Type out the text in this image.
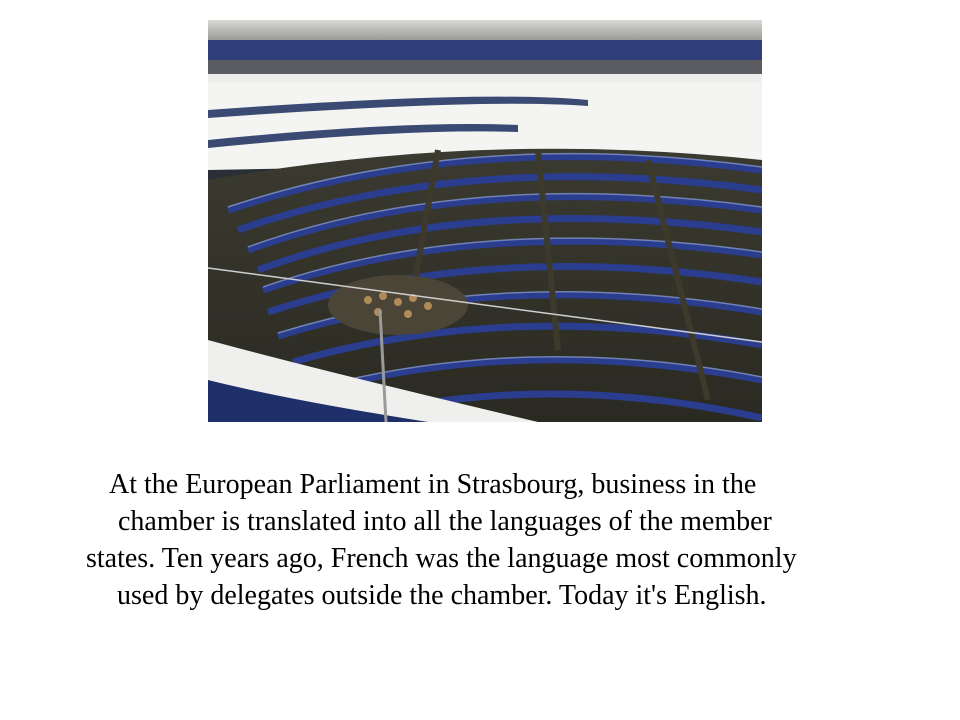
At the European Parliament in Strasbourg, business in the
chamber is translated into all the languages of the member
states. Ten years ago, French was the language most commonly
used by delegates outside the chamber. Today it's English.
